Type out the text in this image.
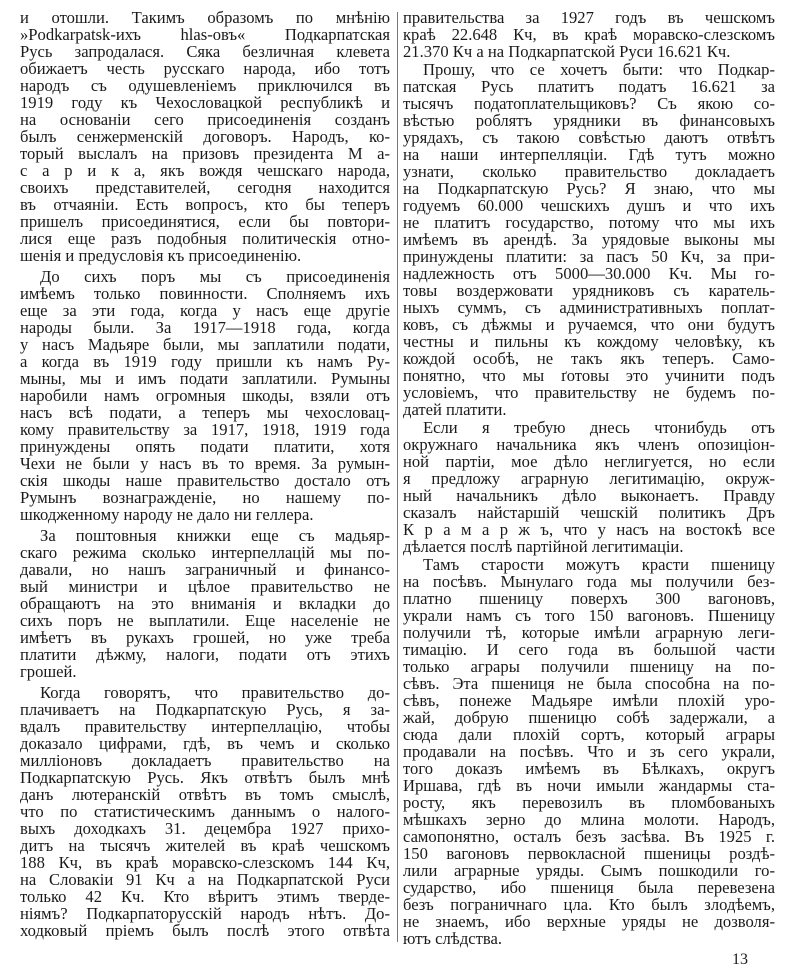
и отошли. Такимъ образомъ по мнѣнію
»Podkarpatsk-ихъ hlas-овъ« Подкарпатская
Русь запродалася. Сяка безличная клевета
обижаетъ честь русскаго народа, ибо тотъ
народъ съ одушевленіемъ приключился въ
1919 году къ Чехословацкой республикѣ и
на основаніи сего присоединенія созданъ
былъ сенжерменскій договоръ. Народъ, ко-
торый выслалъ на призовъ президента М а-
с а р и к а, якъ вождя чешскаго народа,
своихъ представителей, сегодня находится
въ отчаяніи. Есть вопросъ, кто бы теперъ
пришелъ присоединятися, если бы повтори-
лися еще разъ подобныя политическія отно-
шенія и предусловія къ присоединенію.
До сихъ поръ мы съ присоединенія
имѣемъ только повинности. Сполняемъ ихъ
еще за эти года, когда у насъ еще другіе
народы были. За 1917—1918 года, когда
у насъ Мадьяре были, мы заплатили подати,
а когда въ 1919 году пришли къ намъ Ру-
мыны, мы и имъ подати заплатили. Румыны
наробили намъ огромныя шкоды, взяли отъ
насъ всѣ подати, а теперъ мы чехословац-
кому правительству за 1917, 1918, 1919 года
принуждены опять подати платити, хотя
Чехи не были у насъ въ то время. За румын-
скія шкоды наше правительство достало отъ
Румынъ вознагражденіе, но нашему по-
шкодженному народу не дало ни геллера.
За поштовныя книжки еще съ мадьяр-
скаго режима сколько интерпеллацій мы по-
давали, но нашъ заграничный и финансо-
вый министри и цѣлое правительство не
обращаютъ на это вниманія и вкладки до
сихъ поръ не выплатили. Еще населеніе не
имѣетъ въ рукахъ грошей, но уже треба
платити дѣжму, налоги, подати отъ этихъ
грошей.
Когда говорятъ, что правительство до-
плачиваетъ на Подкарпатскую Русь, я за-
вдалъ правительству интерпеллацію, чтобы
доказало цифрами, гдѣ, въ чемъ и сколько
милліоновъ докладаетъ правительство на
Подкарпатскую Русь. Якъ отвѣтъ былъ мнѣ
данъ лютеранскій отвѣтъ въ томъ смыслѣ,
что по статистическимъ даннымъ о налого-
выхъ доходкахъ 31. децембра 1927 прихо-
дитъ на тысячъ жителей въ краѣ чешскомъ
188 Кч, въ краѣ моравско-слезскомъ 144 Кч,
на Словакіи 91 Кч а на Подкарпатской Руси
только 42 Кч. Кто вѣритъ этимъ тверде-
ніямъ? Подкарпаторусскій народъ нѣтъ. До-
ходковый пріемъ былъ послѣ этого отвѣта
правительства за 1927 годъ въ чешскомъ
краѣ 22.648 Кч, въ краѣ моравско-слезскомъ
21.370 Кч а на Подкарпатской Руси 16.621 Кч.
Прошу, что се хочетъ быти: что Подкар-
патская Русь платитъ податъ 16.621 за
тысячъ податоплательщиковъ? Съ якою со-
вѣстью роблятъ урядники въ финансовыхъ
урядахъ, съ такою совѣстью даютъ отвѣтъ
на наши интерпелляціи. Гдѣ тутъ можно
узнати, сколько правительство докладаетъ
на Подкарпатскую Русь? Я знаю, что мы
годуемъ 60.000 чешскихъ душъ и что ихъ
не платитъ государство, потому что мы ихъ
имѣемъ въ арендѣ. За урядовые выконы мы
принуждены платити: за пасъ 50 Кч, за при-
надлежность отъ 5000—30.000 Кч. Мы го-
товы воздержовати урядниковъ съ каратель-
ныхъ суммъ, съ административныхъ поплат-
ковъ, съ дѣжмы и ручаемся, что они будутъ
честны и пильны къ кождому человѣку, къ
кождой особѣ, не такъ якъ теперъ. Само-
понятно, что мы ґотовы это учинити подъ
условіемъ, что правительству не будемъ по-
датей платити.
Если я требую днесь чтонибудь отъ
окружнаго начальника якъ членъ опозиціон-
ной партіи, мое дѣло неглигуется, но если
я предложу аграрную легитимацію, окруж-
ный начальникъ дѣло выконаетъ. Правду
сказалъ найстаршій чешскій политикъ Дръ
К р а м а р ж ъ, что у насъ на востокѣ все
дѣлается послѣ партійной легитимаціи.
Тамъ старости можутъ красти пшеницу
на посѣвъ. Мынулаго года мы получили без-
платно пшеницу поверхъ 300 вагоновъ,
украли намъ съ того 150 вагоновъ. Пшеницу
получили тѣ, которые имѣли аграрную леги-
тимацію. И сего года въ большой части
только аграры получили пшеницу на по-
сѣвъ. Эта пшениця не была способна на по-
сѣвъ, понеже Мадьяре имѣли плохій уро-
жай, добрую пшеницю собѣ задержали, а
сюда дали плохій сортъ, который аграры
продавали на посѣвъ. Что и зъ сего украли,
того доказъ имѣемъ въ Бѣлкахъ, округъ
Иршава, гдѣ въ ночи имыли жандармы ста-
росту, якъ перевозилъ въ пломбованыхъ
мѣшкахъ зерно до млина молоти. Народъ,
самопонятно, осталъ безъ засѣва. Въ 1925 г.
150 вагоновъ первокласной пшеницы роздѣ-
лили аграрные уряды. Сымъ пошкодили го-
сударство, ибо пшениця была перевезена
безъ пограничнаго цла. Кто былъ злодѣемъ,
не знаемъ, ибо верхные уряды не дозволя-
ютъ слѣдства.
13
